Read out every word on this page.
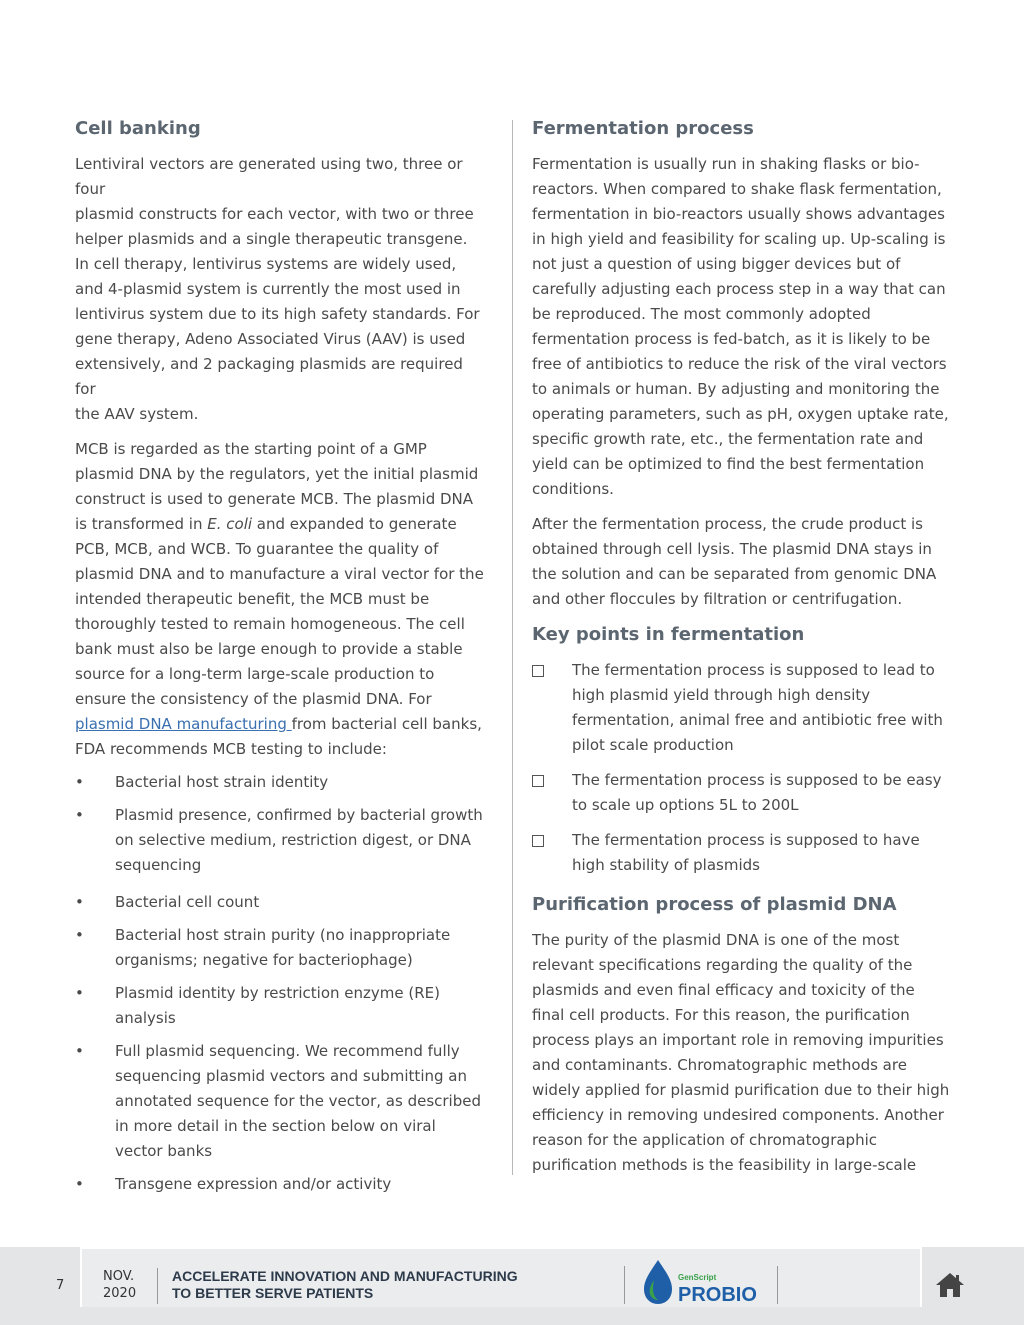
Cell banking

Lentiviral vectors are generated using two, three or four
plasmid constructs for each vector, with two or three
helper plasmids and a single therapeutic transgene.
In cell therapy, lentivirus systems are widely used,
and 4-plasmid system is currently the most used in
lentivirus system due to its high safety standards. For
gene therapy, Adeno Associated Virus (AAV) is used
extensively, and 2 packaging plasmids are required for
the AAV system.

MCB is regarded as the starting point of a GMP plasmid DNA by the regulators, yet the initial plasmid construct is used to generate MCB. The plasmid DNA is transformed in E. coli and expanded to generate PCB, MCB, and WCB. To guarantee the quality of plasmid DNA and to manufacture a viral vector for the intended therapeutic benefit, the MCB must be thoroughly tested to remain homogeneous. The cell bank must also be large enough to provide a stable source for a long-term large-scale production to ensure the consistency of the plasmid DNA. For plasmid DNA manufacturing from bacterial cell banks, FDA recommends MCB testing to include:

•	Bacterial host strain identity
•	Plasmid presence, confirmed by bacterial growth on selective medium, restriction digest, or DNA sequencing
•	Bacterial cell count
•	Bacterial host strain purity (no inappropriate organisms; negative for bacteriophage)
•	Plasmid identity by restriction enzyme (RE) analysis
•	Full plasmid sequencing. We recommend fully sequencing plasmid vectors and submitting an annotated sequence for the vector, as described in more detail in the section below on viral vector banks
•	Transgene expression and/or activity
Fermentation process

Fermentation is usually run in shaking flasks or bio-reactors. When compared to shake flask fermentation, fermentation in bio-reactors usually shows advantages in high yield and feasibility for scaling up. Up-scaling is not just a question of using bigger devices but of carefully adjusting each process step in a way that can be reproduced. The most commonly adopted fermentation process is fed-batch, as it is likely to be free of antibiotics to reduce the risk of the viral vectors to animals or human. By adjusting and monitoring the operating parameters, such as pH, oxygen uptake rate, specific growth rate, etc., the fermentation rate and yield can be optimized to find the best fermentation conditions.

After the fermentation process, the crude product is obtained through cell lysis. The plasmid DNA stays in the solution and can be separated from genomic DNA and other floccules by filtration or centrifugation.

Key points in fermentation
The fermentation process is supposed to lead to high plasmid yield through high density fermentation, animal free and antibiotic free with pilot scale production
The fermentation process is supposed to be easy to scale up options 5L to 200L
The fermentation process is supposed to have high stability of plasmids
Purification process of plasmid DNA

The purity of the plasmid DNA is one of the most relevant specifications regarding the quality of the plasmids and even final efficacy and toxicity of the final cell products. For this reason, the purification process plays an important role in removing impurities and contaminants. Chromatographic methods are widely applied for plasmid purification due to their high efficiency in removing undesired components. Another reason for the application of chromatographic purification methods is the feasibility in large-scale

7
NOV.
2020
ACCELERATE INNOVATION AND MANUFACTURING
TO BETTER SERVE PATIENTS
GenScript
PROBIO
